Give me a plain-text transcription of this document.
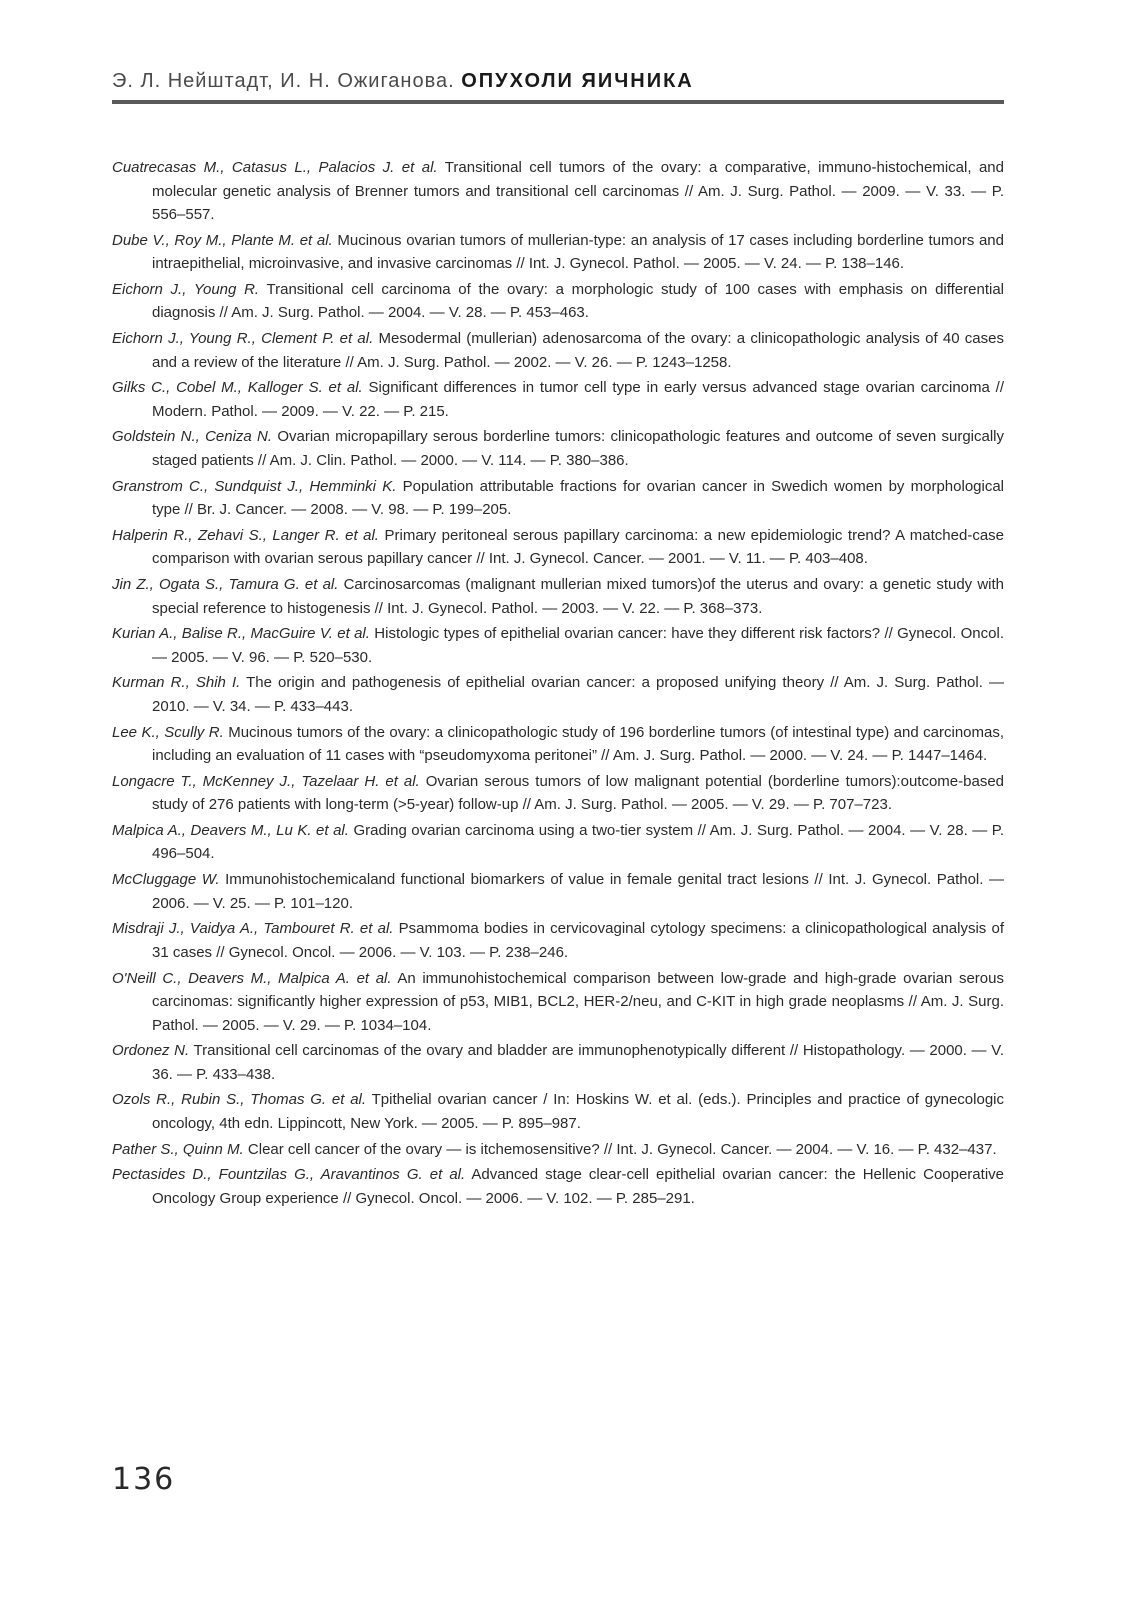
Э. Л. Нейштадт, И. Н. Ожиганова. ОПУХОЛИ ЯИЧНИКА

Cuatrecasas M., Catasus L., Palacios J. et al. Transitional cell tumors of the ovary: a comparative, immuno-histochemical, and molecular genetic analysis of Brenner tumors and transitional cell carcinomas // Am. J. Surg. Pathol. — 2009. — V. 33. — P. 556–557.

Dube V., Roy M., Plante M. et al. Mucinous ovarian tumors of mullerian-type: an analysis of 17 cases including borderline tumors and intraepithelial, microinvasive, and invasive carcinomas // Int. J. Gynecol. Pathol. — 2005. — V. 24. — P. 138–146.

Eichorn J., Young R. Transitional cell carcinoma of the ovary: a morphologic study of 100 cases with emphasis on differential diagnosis // Am. J. Surg. Pathol. — 2004. — V. 28. — P. 453–463.

Eichorn J., Young R., Clement P. et al. Mesodermal (mullerian) adenosarcoma of the ovary: a clinicopathologic analysis of 40 cases and a review of the literature // Am. J. Surg. Pathol. — 2002. — V. 26. — P. 1243–1258.

Gilks C., Cobel M., Kalloger S. et al. Significant differences in tumor cell type in early versus advanced stage ovarian carcinoma // Modern. Pathol. — 2009. — V. 22. — P. 215.

Goldstein N., Ceniza N. Ovarian micropapillary serous borderline tumors: clinicopathologic features and outcome of seven surgically staged patients // Am. J. Clin. Pathol. — 2000. — V. 114. — P. 380–386.

Granstrom C., Sundquist J., Hemminki K. Population attributable fractions for ovarian cancer in Swedich women by morphological type // Br. J. Cancer. — 2008. — V. 98. — P. 199–205.

Halperin R., Zehavi S., Langer R. et al. Primary peritoneal serous papillary carcinoma: a new epidemiologic trend? A matched-case comparison with ovarian serous papillary cancer // Int. J. Gynecol. Cancer. — 2001. — V. 11. — P. 403–408.

Jin Z., Ogata S., Tamura G. et al. Carcinosarcomas (malignant mullerian mixed tumors)of the uterus and ovary: a genetic study with special reference to histogenesis // Int. J. Gynecol. Pathol. — 2003. — V. 22. — P. 368–373.

Kurian A., Balise R., MacGuire V. et al. Histologic types of epithelial ovarian cancer: have they different risk factors? // Gynecol. Oncol. — 2005. — V. 96. — P. 520–530.

Kurman R., Shih I. The origin and pathogenesis of epithelial ovarian cancer: a proposed unifying theory // Am. J. Surg. Pathol. — 2010. — V. 34. — P. 433–443.

Lee K., Scully R. Mucinous tumors of the ovary: a clinicopathologic study of 196 borderline tumors (of intestinal type) and carcinomas, including an evaluation of 11 cases with “pseudomyxoma peritonei” // Am. J. Surg. Pathol. — 2000. — V. 24. — P. 1447–1464.

Longacre T., McKenney J., Tazelaar H. et al. Ovarian serous tumors of low malignant potential (borderline tumors):outcome-based study of 276 patients with long-term (>5-year) follow-up // Am. J. Surg. Pathol. — 2005. — V. 29. — P. 707–723.

Malpica A., Deavers M., Lu K. et al. Grading ovarian carcinoma using a two-tier system // Am. J. Surg. Pathol. — 2004. — V. 28. — P. 496–504.

McCluggage W. Immunohistochemicaland functional biomarkers of value in female genital tract lesions // Int. J. Gynecol. Pathol. — 2006. — V. 25. — P. 101–120.

Misdraji J., Vaidya A., Tambouret R. et al. Psammoma bodies in cervicovaginal cytology specimens: a clinicopathological analysis of 31 cases // Gynecol. Oncol. — 2006. — V. 103. — P. 238–246.

O'Neill C., Deavers M., Malpica A. et al. An immunohistochemical comparison between low-grade and high-grade ovarian serous carcinomas: significantly higher expression of p53, MIB1, BCL2, HER-2/neu, and C-KIT in high grade neoplasms // Am. J. Surg. Pathol. — 2005. — V. 29. — P. 1034–104.

Ordonez N. Transitional cell carcinomas of the ovary and bladder are immunophenotypically different // Histopathology. — 2000. — V. 36. — P. 433–438.

Ozols R., Rubin S., Thomas G. et al. Tpithelial ovarian cancer / In: Hoskins W. et al. (eds.). Principles and practice of gynecologic oncology, 4th edn. Lippincott, New York. — 2005. — P. 895–987.

Pather S., Quinn M. Clear cell cancer of the ovary — is itchemosensitive? // Int. J. Gynecol. Cancer. — 2004. — V. 16. — P. 432–437.

Pectasides D., Fountzilas G., Aravantinos G. et al. Advanced stage clear-cell epithelial ovarian cancer: the Hellenic Cooperative Oncology Group experience // Gynecol. Oncol. — 2006. — V. 102. — P. 285–291.

136
